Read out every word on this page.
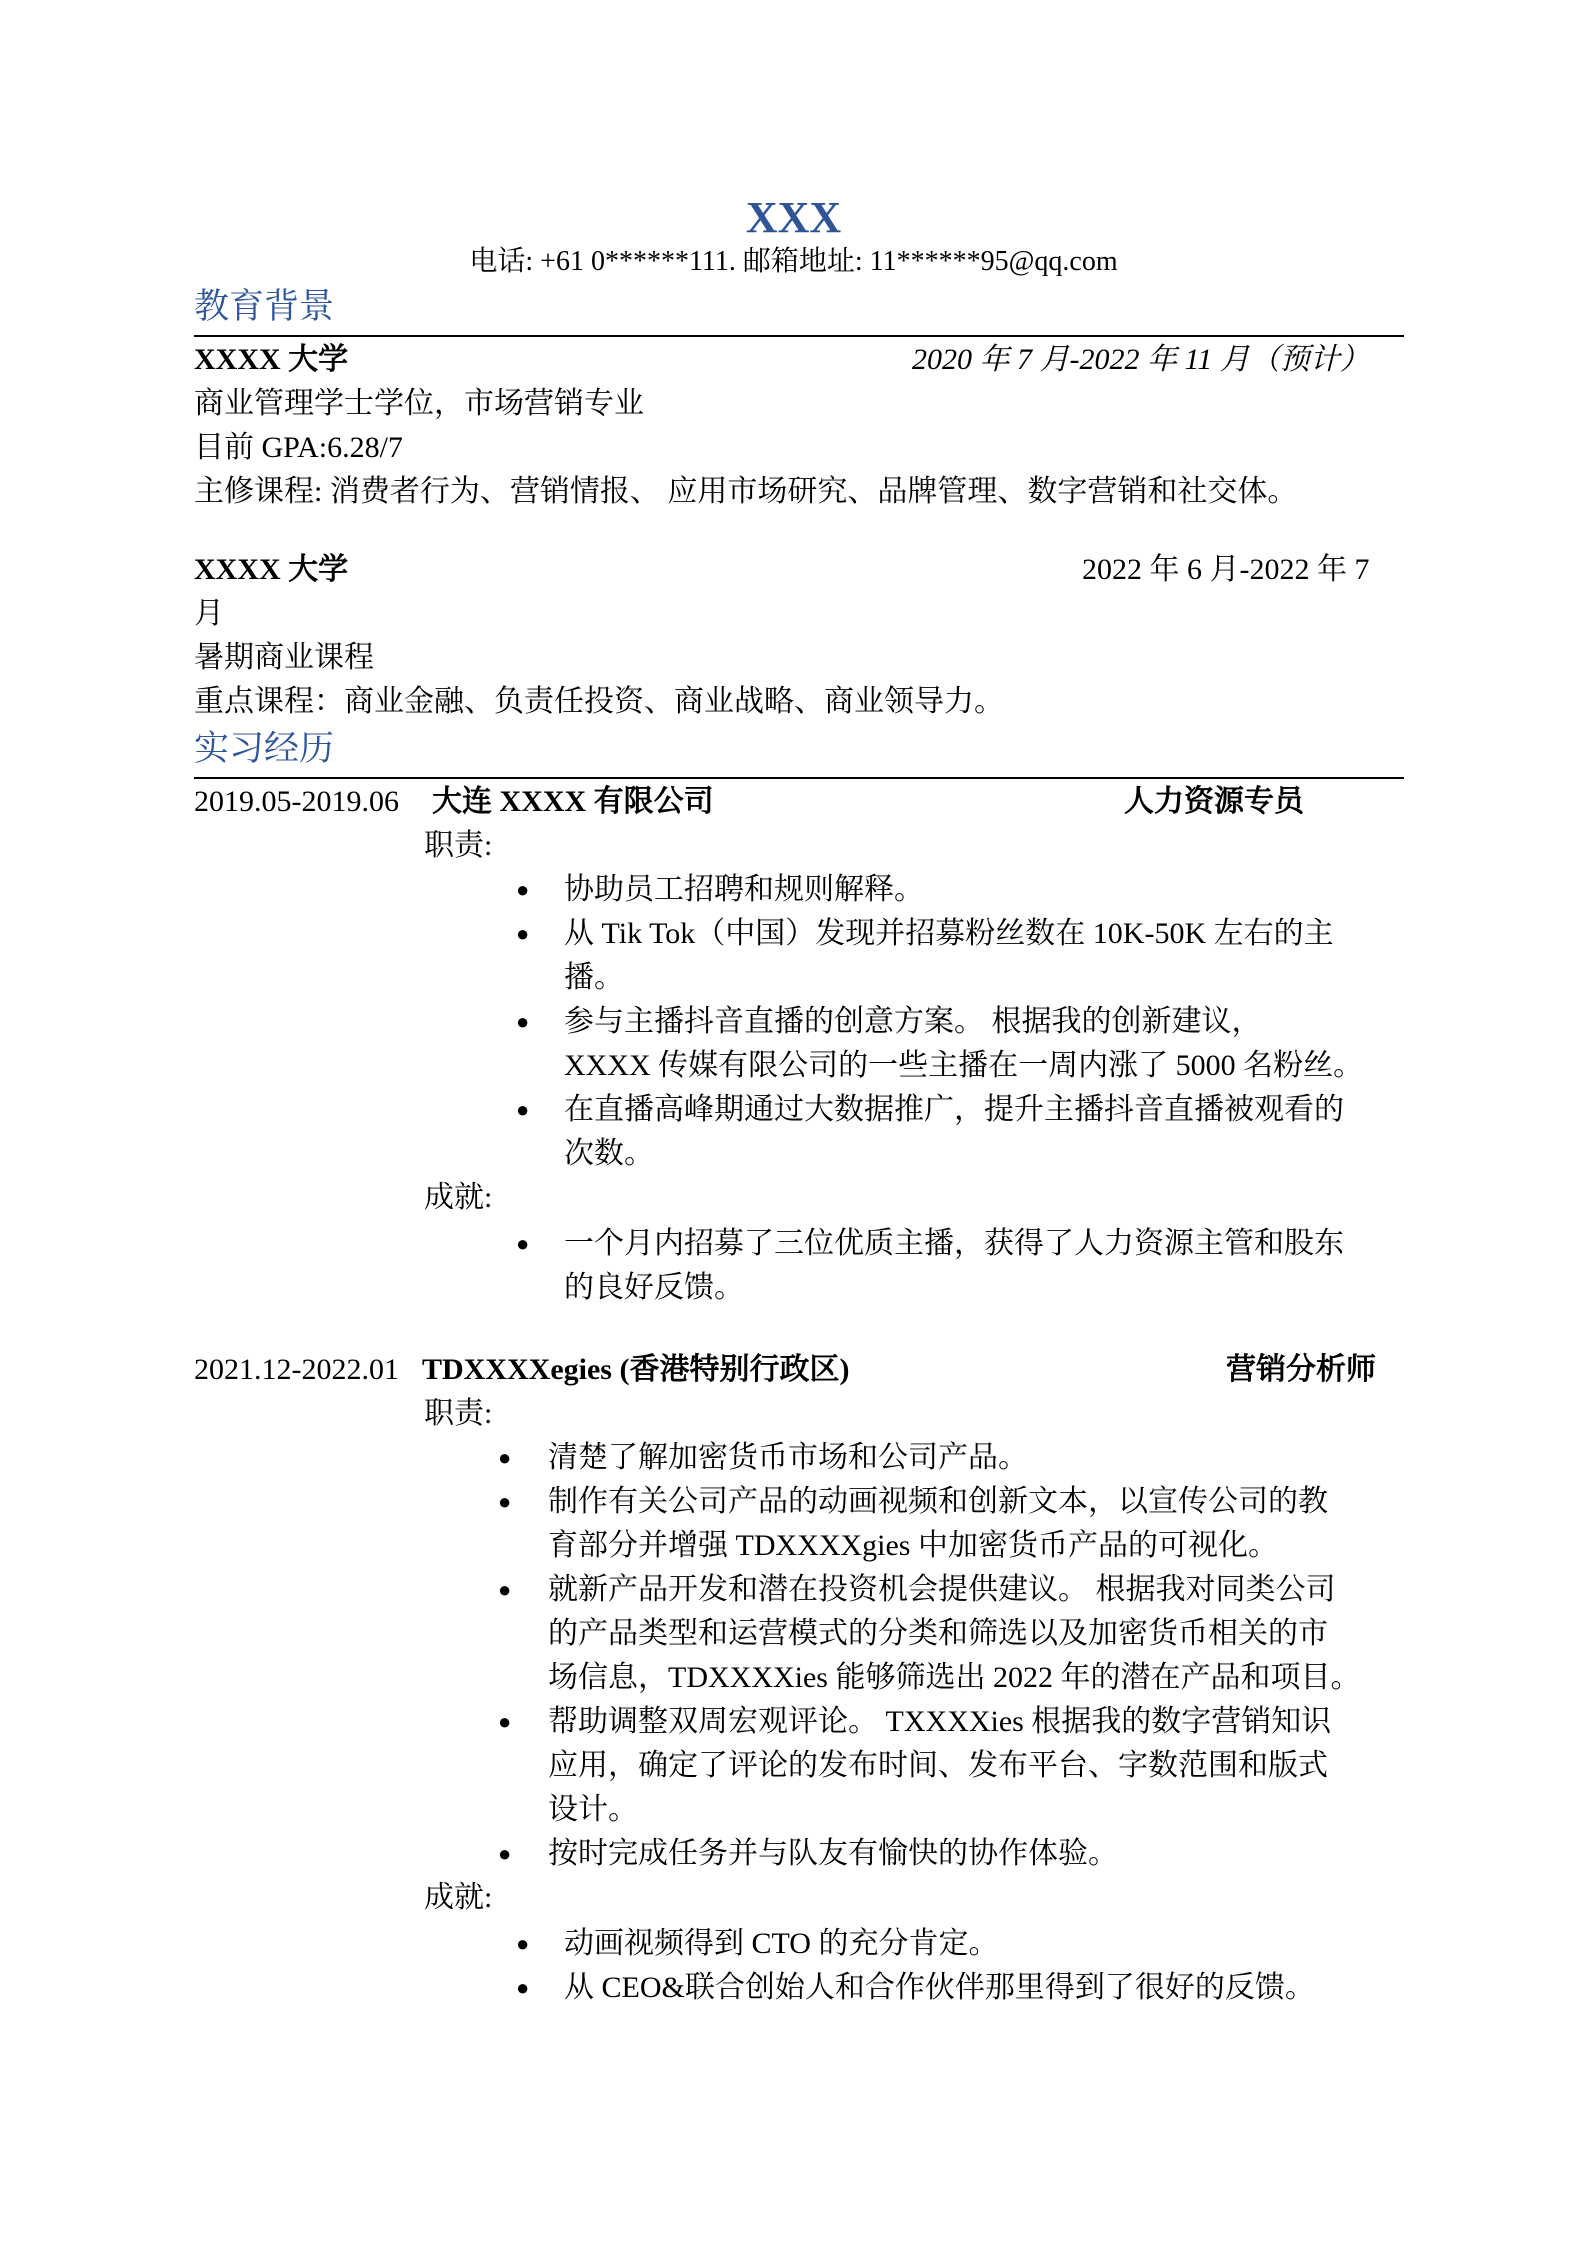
XXX
电话: +61 0******111. 邮箱地址: 11******95@qq.com
教育背景
XXXX 大学	2020 年 7 月-2022 年 11 月（预计）
商业管理学士学位，市场营销专业
目前 GPA:6.28/7
主修课程: 消费者行为、营销情报、 应用市场研究、品牌管理、数字营销和社交体。
XXXX 大学	2022 年 6 月-2022 年 7
月
暑期商业课程
重点课程：商业金融、负责任投资、商业战略、商业领导力。
实习经历
2019.05-2019.06 大连 XXXX 有限公司	人力资源专员
职责:
● 协助员工招聘和规则解释。
● 从 Tik Tok（中国）发现并招募粉丝数在 10K-50K 左右的主
播。
● 参与主播抖音直播的创意方案。 根据我的创新建议，
XXXX 传媒有限公司的一些主播在一周内涨了 5000 名粉丝。
● 在直播高峰期通过大数据推广，提升主播抖音直播被观看的
次数。
成就:
● 一个月内招募了三位优质主播，获得了人力资源主管和股东
的良好反馈。
2021.12-2022.01 TDXXXXegies (香港特别行政区)	营销分析师
职责:
● 清楚了解加密货币市场和公司产品。
● 制作有关公司产品的动画视频和创新文本，以宣传公司的教
育部分并增强 TDXXXXgies 中加密货币产品的可视化。
● 就新产品开发和潜在投资机会提供建议。 根据我对同类公司
的产品类型和运营模式的分类和筛选以及加密货币相关的市
场信息，TDXXXXies 能够筛选出 2022 年的潜在产品和项目。
● 帮助调整双周宏观评论。 TXXXXies 根据我的数字营销知识
应用，确定了评论的发布时间、发布平台、字数范围和版式
设计。
● 按时完成任务并与队友有愉快的协作体验。
成就:
● 动画视频得到 CTO 的充分肯定。
● 从 CEO&联合创始人和合作伙伴那里得到了很好的反馈。
